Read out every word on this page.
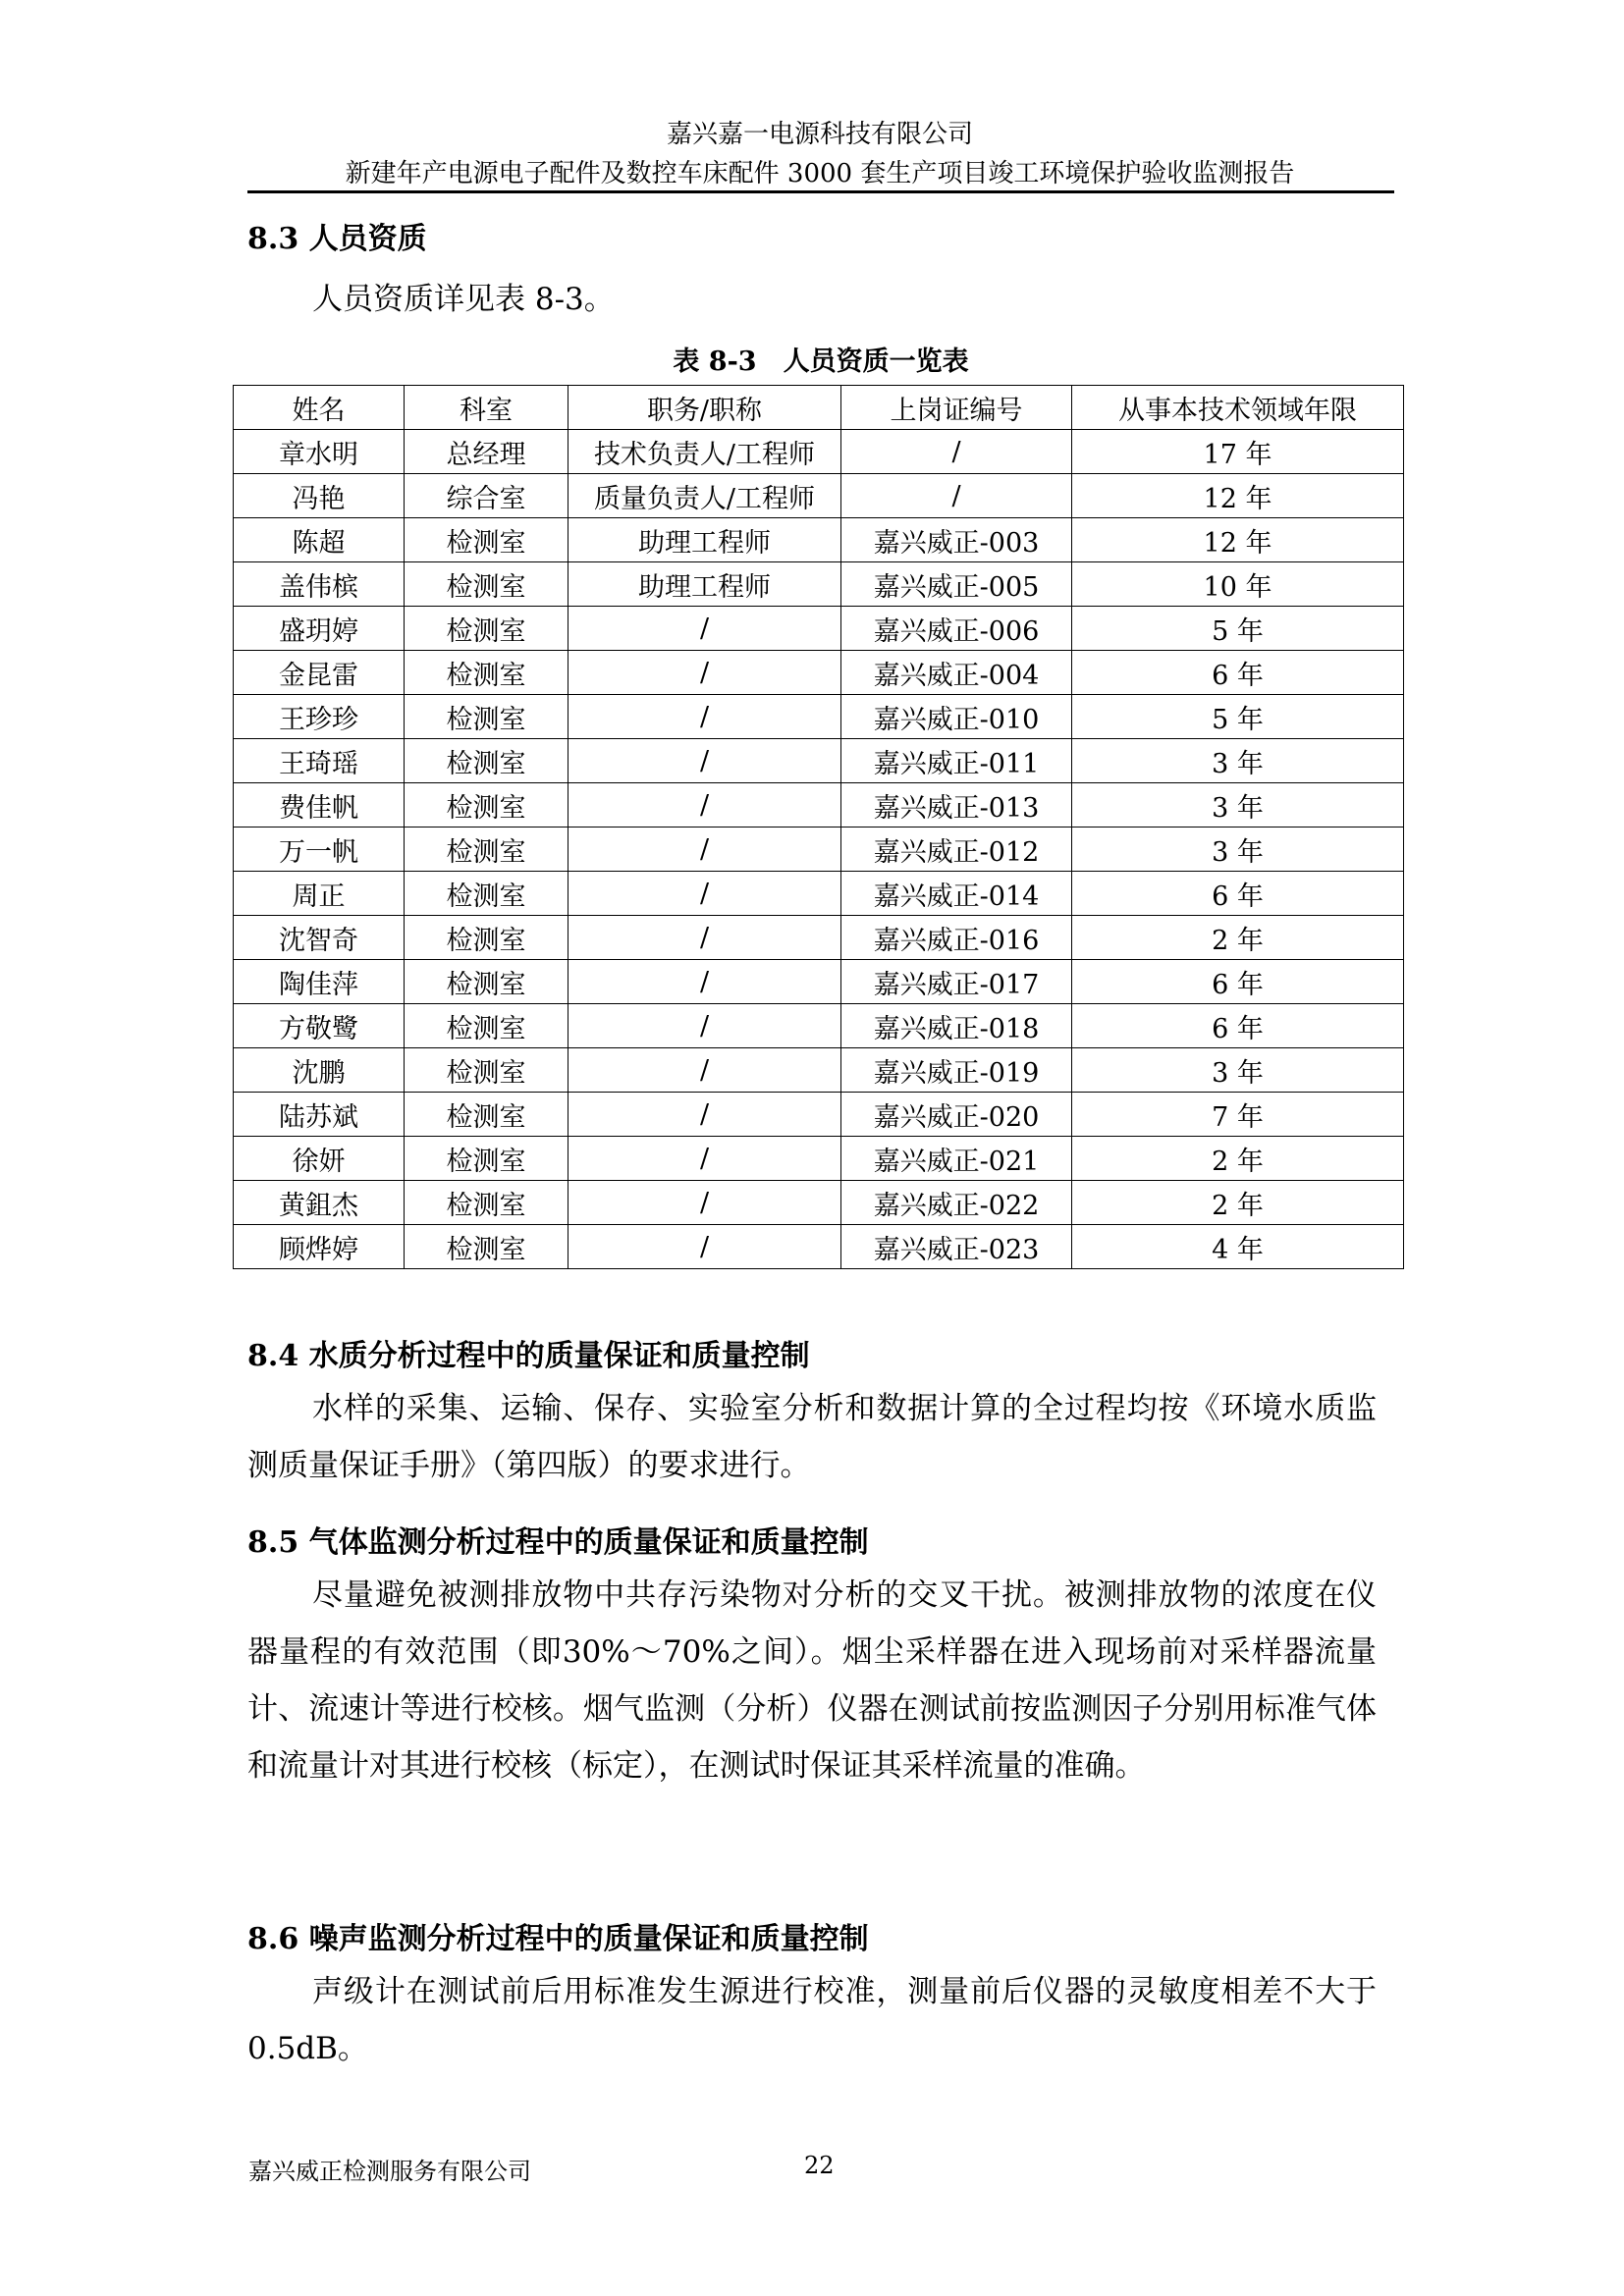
嘉兴嘉一电源科技有限公司
新建年产电源电子配件及数控车床配件 3000 套生产项目竣工环境保护验收监测报告
8.3 人员资质
人员资质详见表 8-3。
表 8-3　人员资质一览表
姓名	科室	职务/职称	上岗证编号	从事本技术领域年限
章水明	总经理	技术负责人/工程师	/	17 年
冯艳	综合室	质量负责人/工程师	/	12 年
陈超	检测室	助理工程师	嘉兴威正-003	12 年
盖伟槟	检测室	助理工程师	嘉兴威正-005	10 年
盛玥婷	检测室	/	嘉兴威正-006	5 年
金昆雷	检测室	/	嘉兴威正-004	6 年
王珍珍	检测室	/	嘉兴威正-010	5 年
王琦瑶	检测室	/	嘉兴威正-011	3 年
费佳帆	检测室	/	嘉兴威正-013	3 年
万一帆	检测室	/	嘉兴威正-012	3 年
周正	检测室	/	嘉兴威正-014	6 年
沈智奇	检测室	/	嘉兴威正-016	2 年
陶佳萍	检测室	/	嘉兴威正-017	6 年
方敬鹭	检测室	/	嘉兴威正-018	6 年
沈鹏	检测室	/	嘉兴威正-019	3 年
陆苏斌	检测室	/	嘉兴威正-020	7 年
徐妍	检测室	/	嘉兴威正-021	2 年
黄鉏杰	检测室	/	嘉兴威正-022	2 年
顾烨婷	检测室	/	嘉兴威正-023	4 年
8.4 水质分析过程中的质量保证和质量控制
水样的采集、运输、保存、实验室分析和数据计算的全过程均按《环境水质监测质量保证手册》（第四版）的要求进行。
8.5 气体监测分析过程中的质量保证和质量控制
尽量避免被测排放物中共存污染物对分析的交叉干扰。被测排放物的浓度在仪器量程的有效范围（即30%～70%之间）。烟尘采样器在进入现场前对采样器流量计、流速计等进行校核。烟气监测（分析）仪器在测试前按监测因子分别用标准气体和流量计对其进行校核（标定），在测试时保证其采样流量的准确。
8.6 噪声监测分析过程中的质量保证和质量控制
声级计在测试前后用标准发生源进行校准，测量前后仪器的灵敏度相差不大于 0.5dB。
嘉兴威正检测服务有限公司	22
